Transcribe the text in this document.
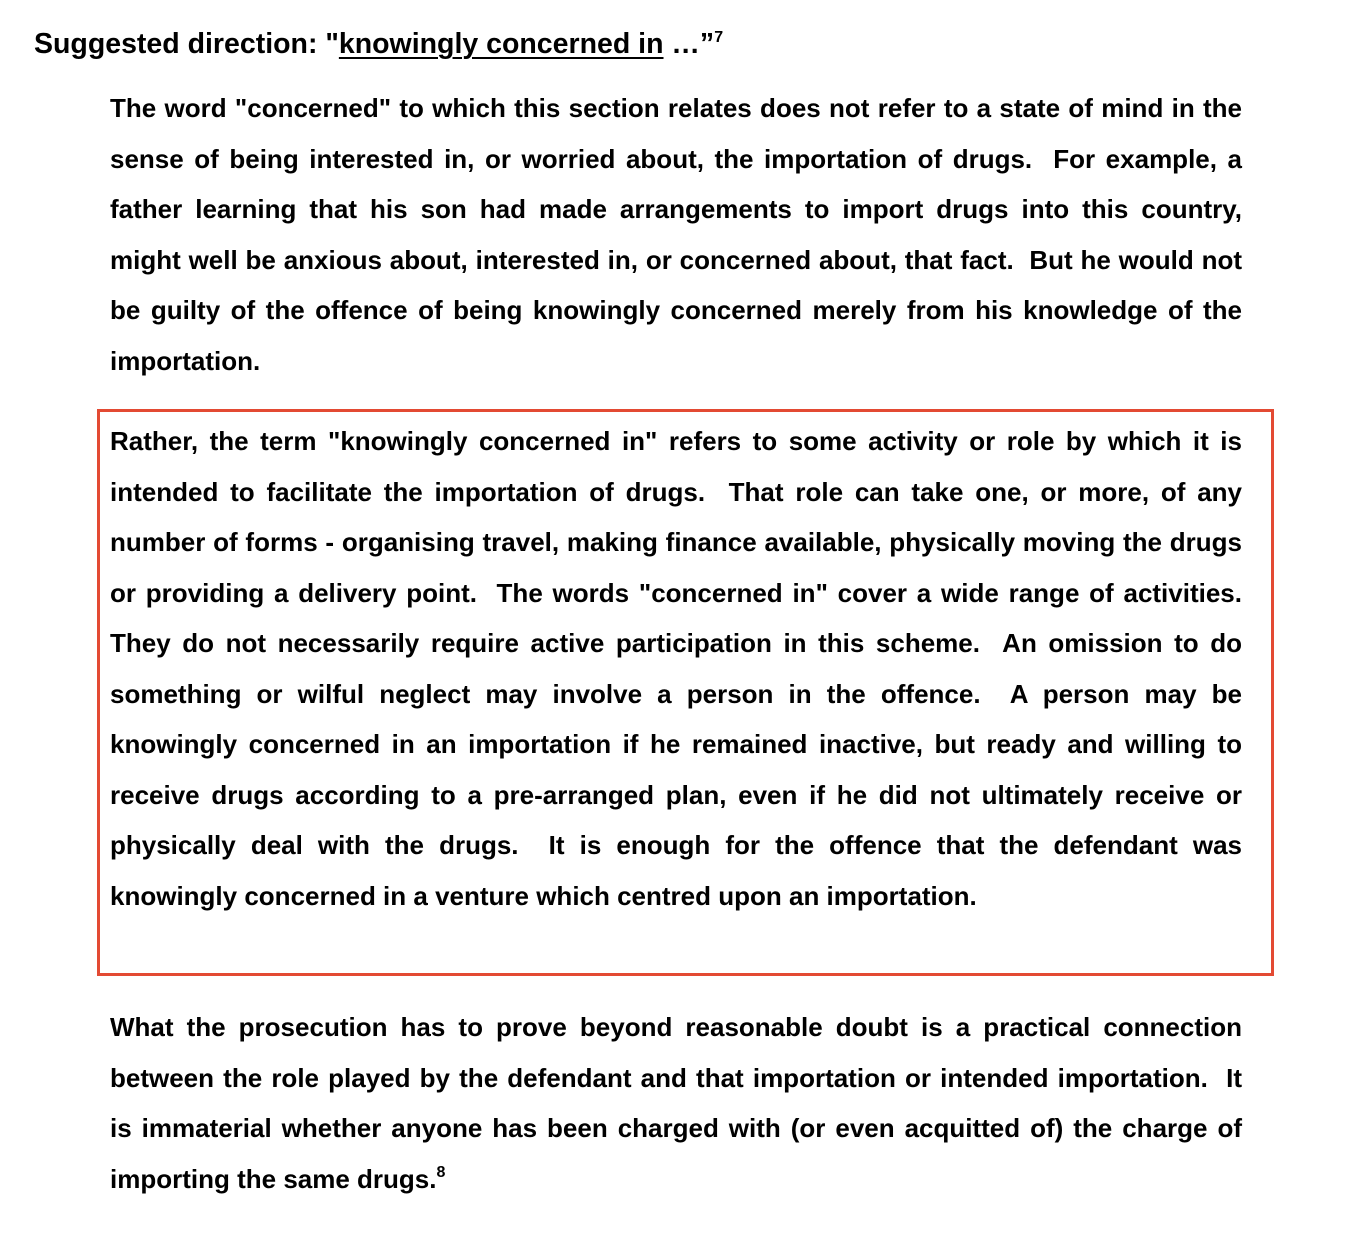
Suggested direction: "knowingly concerned in …”$^7$
The word "concerned" to which this section relates does not refer to a state of mind in the sense of being interested in, or worried about, the importation of drugs.  For example, a father learning that his son had made arrangements to import drugs into this country, might well be anxious about, interested in, or concerned about, that fact.  But he would not be guilty of the offence of being knowingly concerned merely from his knowledge of the importation.
Rather, the term "knowingly concerned in" refers to some activity or role by which it is intended to facilitate the importation of drugs.  That role can take one, or more, of any number of forms - organising travel, making finance available, physically moving the drugs or providing a delivery point.  The words "concerned in" cover a wide range of activities. They do not necessarily require active participation in this scheme.  An omission to do something or wilful neglect may involve a person in the offence.  A person may be knowingly concerned in an importation if he remained inactive, but ready and willing to receive drugs according to a pre-arranged plan, even if he did not ultimately receive or physically deal with the drugs.  It is enough for the offence that the defendant was knowingly concerned in a venture which centred upon an importation.
What the prosecution has to prove beyond reasonable doubt is a practical connection between the role played by the defendant and that importation or intended importation.  It is immaterial whether anyone has been charged with (or even acquitted of) the charge of importing the same drugs.$^8$
